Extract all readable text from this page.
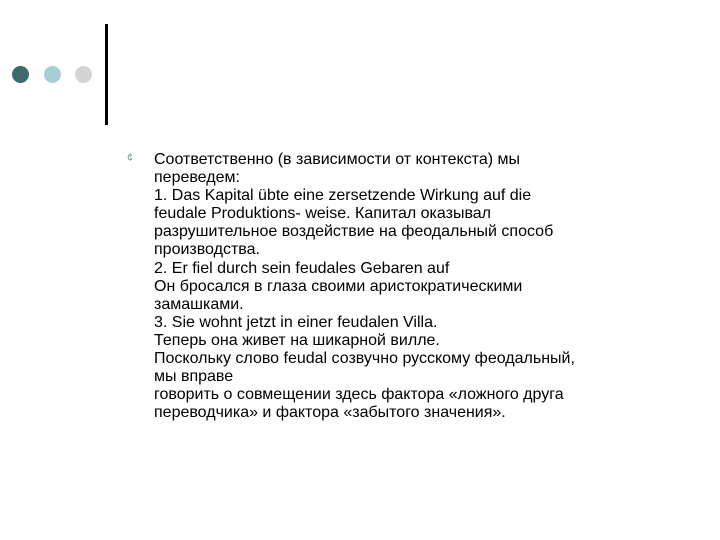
¢	Соответственно (в зависимости от контекста) мы
переведем:
1. Das Kapital übte eine zersetzende Wirkung auf die
feudale Produktions- weise. Капитал оказывал
разрушительное воздействие на феодальный способ
производства.
2. Er fiel durch sein feudales Gebaren auf
Он бросался в глаза своими аристократическими
замашками.
3. Sie wohnt jetzt in einer feudalen Villa.
Теперь она живет на шикарной вилле.
Поскольку слово feudal созвучно русскому феодальный,
мы вправе
говорить о совмещении здесь фактора «ложного друга
переводчика» и фактора «забытого значения».
